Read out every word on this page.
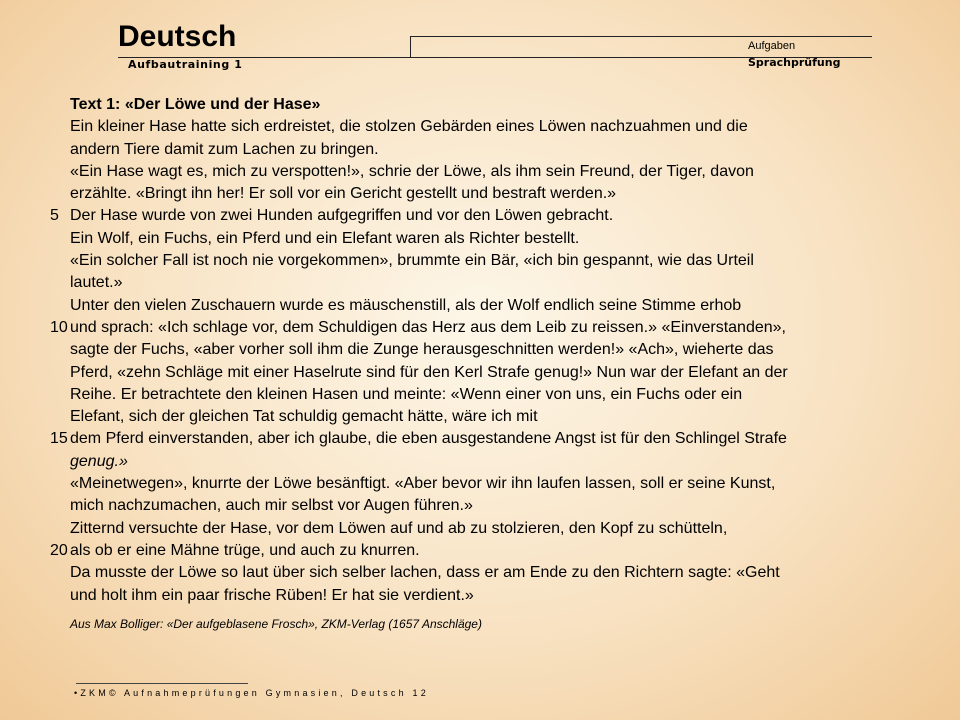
Deutsch
Aufbautraining 1
Aufgaben
Sprachprüfung
Text 1: «Der Löwe und der Hase»
Ein kleiner Hase hatte sich erdreistet, die stolzen Gebärden eines Löwen nachzuahmen und die
andern Tiere damit zum Lachen zu bringen.
«Ein Hase wagt es, mich zu verspotten!», schrie der Löwe, als ihm sein Freund, der Tiger, davon
erzählte. «Bringt ihn her! Er soll vor ein Gericht gestellt und bestraft werden.»
5 Der Hase wurde von zwei Hunden aufgegriffen und vor den Löwen gebracht.
Ein Wolf, ein Fuchs, ein Pferd und ein Elefant waren als Richter bestellt.
«Ein solcher Fall ist noch nie vorgekommen», brummte ein Bär, «ich bin gespannt, wie das Urteil
lautet.»
Unter den vielen Zuschauern wurde es mäuschenstill, als der Wolf endlich seine Stimme erhob
10 und sprach: «Ich schlage vor, dem Schuldigen das Herz aus dem Leib zu reissen.» «Einverstanden»,
sagte der Fuchs, «aber vorher soll ihm die Zunge herausgeschnitten werden!» «Ach», wieherte das
Pferd, «zehn Schläge mit einer Haselrute sind für den Kerl Strafe genug!» Nun war der Elefant an der
Reihe. Er betrachtete den kleinen Hasen und meinte: «Wenn einer von uns, ein Fuchs oder ein
Elefant, sich der gleichen Tat schuldig gemacht hätte, wäre ich mit
15 dem Pferd einverstanden, aber ich glaube, die eben ausgestandene Angst ist für den Schlingel Strafe
genug.»
«Meinetwegen», knurrte der Löwe besänftigt. «Aber bevor wir ihn laufen lassen, soll er seine Kunst,
mich nachzumachen, auch mir selbst vor Augen führen.»
Zitternd versuchte der Hase, vor dem Löwen auf und ab zu stolzieren, den Kopf zu schütteln,
20 als ob er eine Mähne trüge, und auch zu knurren.
Da musste der Löwe so laut über sich selber lachen, dass er am Ende zu den Richtern sagte: «Geht
und holt ihm ein paar frische Rüben! Er hat sie verdient.»
Aus Max Bolliger: «Der aufgeblasene Frosch», ZKM-Verlag (1657 Anschläge)
•ZKM© Aufnahmeprüfungen Gymnasien, Deutsch 12
